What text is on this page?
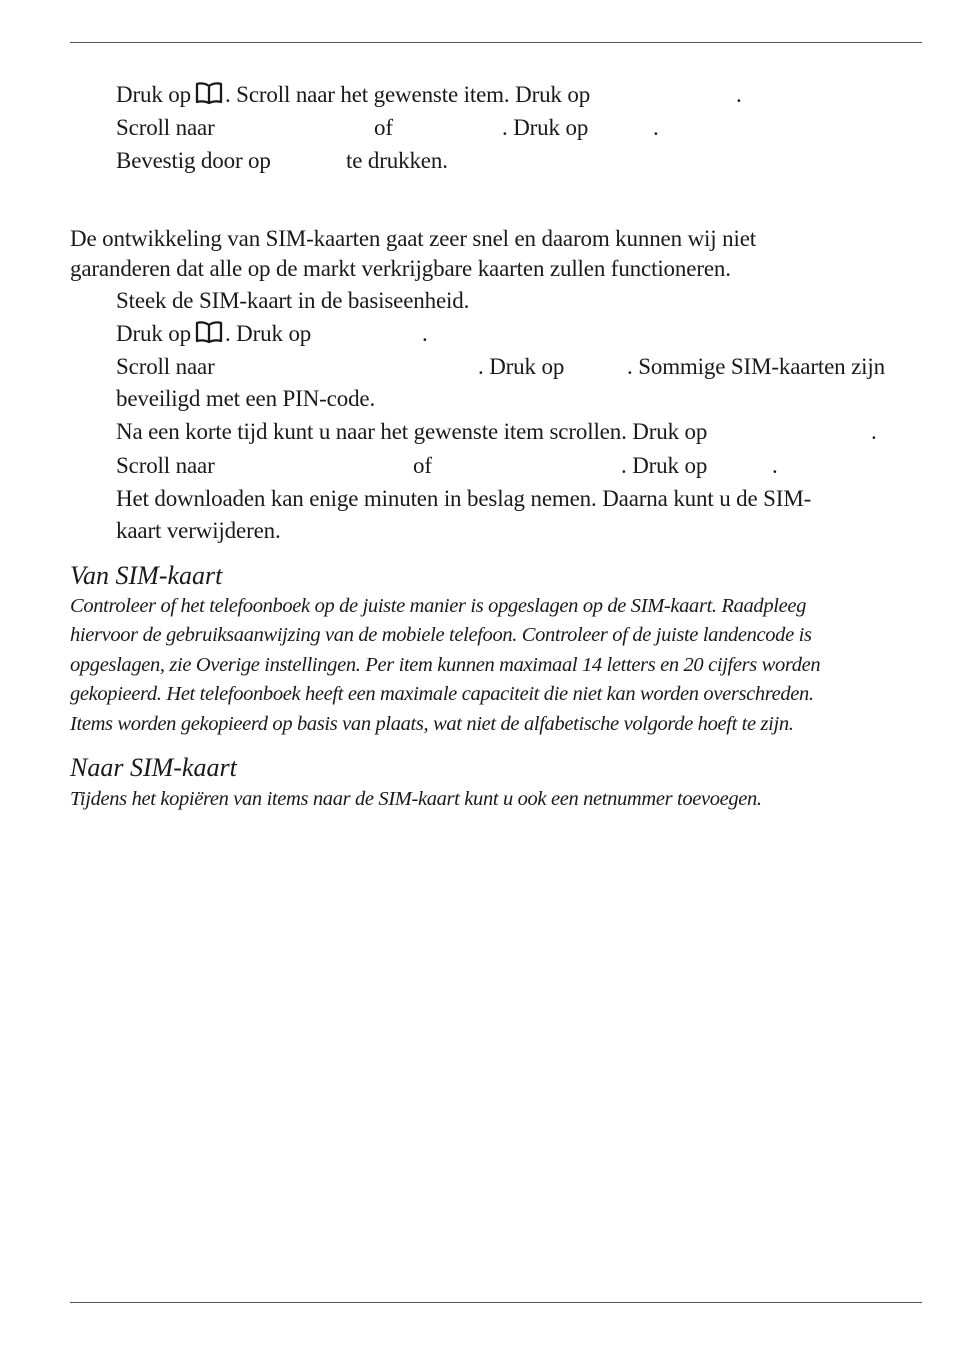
Druk op . Scroll naar het gewenste item. Druk op	.
Scroll naar	of	. Druk op	.
Bevestig door op	te drukken.
De ontwikkeling van SIM-kaarten gaat zeer snel en daarom kunnen wij niet
garanderen dat alle op de markt verkrijgbare kaarten zullen functioneren.
Steek de SIM-kaart in de basiseenheid.
Druk op . Druk op	.
Scroll naar	. Druk op	. Sommige SIM-kaarten zijn
beveiligd met een PIN-code.
Na een korte tijd kunt u naar het gewenste item scrollen. Druk op	.
Scroll naar	of	. Druk op	.
Het downloaden kan enige minuten in beslag nemen. Daarna kunt u de SIM-
kaart verwijderen.
Van SIM-kaart
Controleer of het telefoonboek op de juiste manier is opgeslagen op de SIM-kaart. Raadpleeg
hiervoor de gebruiksaanwijzing van de mobiele telefoon. Controleer of de juiste landencode is
opgeslagen, zie Overige instellingen. Per item kunnen maximaal 14 letters en 20 cijfers worden
gekopieerd. Het telefoonboek heeft een maximale capaciteit die niet kan worden overschreden.
Items worden gekopieerd op basis van plaats, wat niet de alfabetische volgorde hoeft te zijn.
Naar SIM-kaart
Tijdens het kopiëren van items naar de SIM-kaart kunt u ook een netnummer toevoegen.
